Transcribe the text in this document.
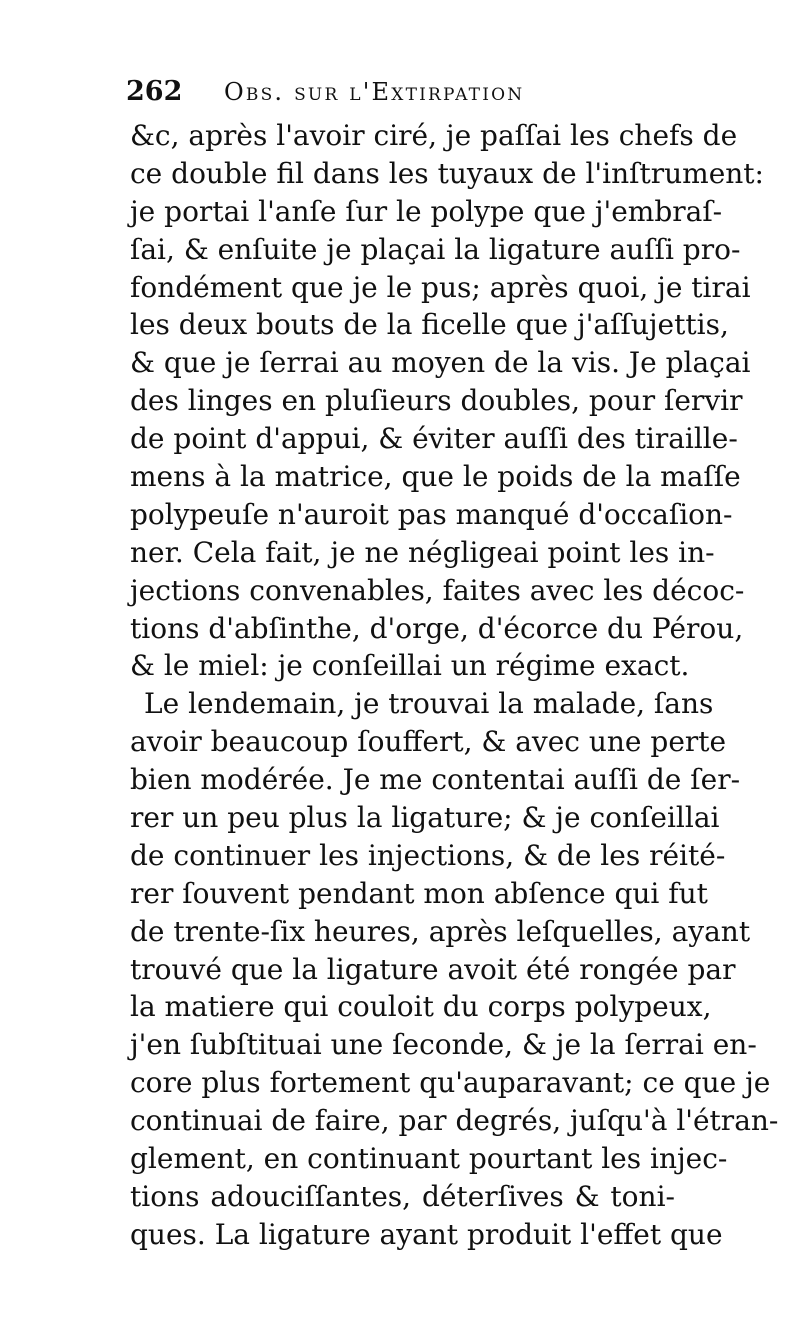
262 Obs. sur l'Extirpation
&c, après l'avoir ciré, je paſſai les chefs de
ce double fil dans les tuyaux de l'inſtrument:
je portai l'anſe ſur le polype que j'embraſ-
ſai, & enſuite je plaçai la ligature auſſi pro-
fondément que je le pus; après quoi, je tirai
les deux bouts de la ficelle que j'aſſujettis,
& que je ſerrai au moyen de la vis. Je plaçai
des linges en pluſieurs doubles, pour ſervir
de point d'appui, & éviter auſſi des tiraille-
mens à la matrice, que le poids de la maſſe
polypeuſe n'auroit pas manqué d'occaſion-
ner. Cela fait, je ne négligeai point les in-
jections convenables, faites avec les décoc-
tions d'abſinthe, d'orge, d'écorce du Pérou,
& le miel: je conſeillai un régime exact.
Le lendemain, je trouvai la malade, ſans
avoir beaucoup ſouffert, & avec une perte
bien modérée. Je me contentai auſſi de ſer-
rer un peu plus la ligature; & je conſeillai
de continuer les injections, & de les réité-
rer ſouvent pendant mon abſence qui fut
de trente-ſix heures, après leſquelles, ayant
trouvé que la ligature avoit été rongée par
la matiere qui couloit du corps polypeux,
j'en ſubſtituai une ſeconde, & je la ſerrai en-
core plus fortement qu'auparavant; ce que je
continuai de faire, par degrés, juſqu'à l'étran-
glement, en continuant pourtant les injec-
tions adouciſſantes, déterſives & toni-
ques. La ligature ayant produit l'effet que
